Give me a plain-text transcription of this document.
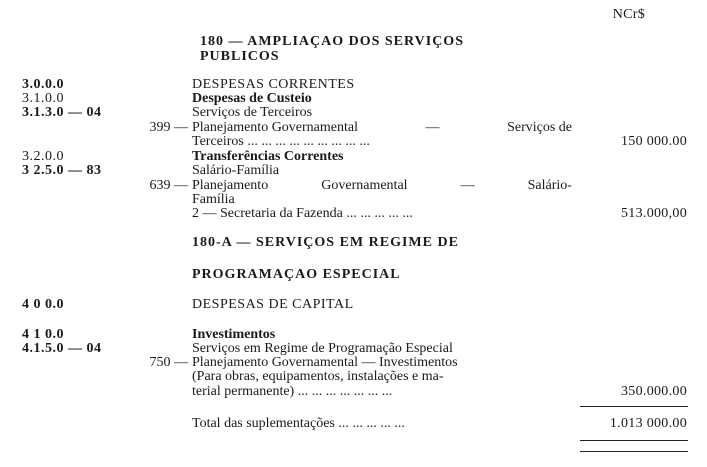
NCr$
180 — AMPLIAÇAO DOS SERVIÇOS
PUBLICOS
3.0.0.0	DESPESAS CORRENTES
3.1.0.0	Despesas de Custeio
3.1.3.0 — 04	Serviços de Terceiros
399 — Planejamento Governamental	—	Serviços de
Terceiros ... ... ... ... ... ... ... ... ...	150 000.00
3.2.0.0	Transferências Correntes
3 2.5.0 — 83	Salário-Família
639 — Planejamento	Governamental	—	Salário-
Família
2 — Secretaria da Fazenda ... ... ... ... ...	513.000,00
180-A — SERVIÇOS EM REGIME DE
PROGRAMAÇAO ESPECIAL
4 0 0.0	DESPESAS DE CAPITAL
4 1 0.0	Investimentos
4.1.5.0 — 04	Serviços em Regime de Programação Especial
750 — Planejamento Governamental — Investimentos
(Para obras, equipamentos, instalações e ma-
terial permanente) ... ... ... ... ... ... ...	350.000.00
Total das suplementações ... ... ... ... ...	1.013 000.00
